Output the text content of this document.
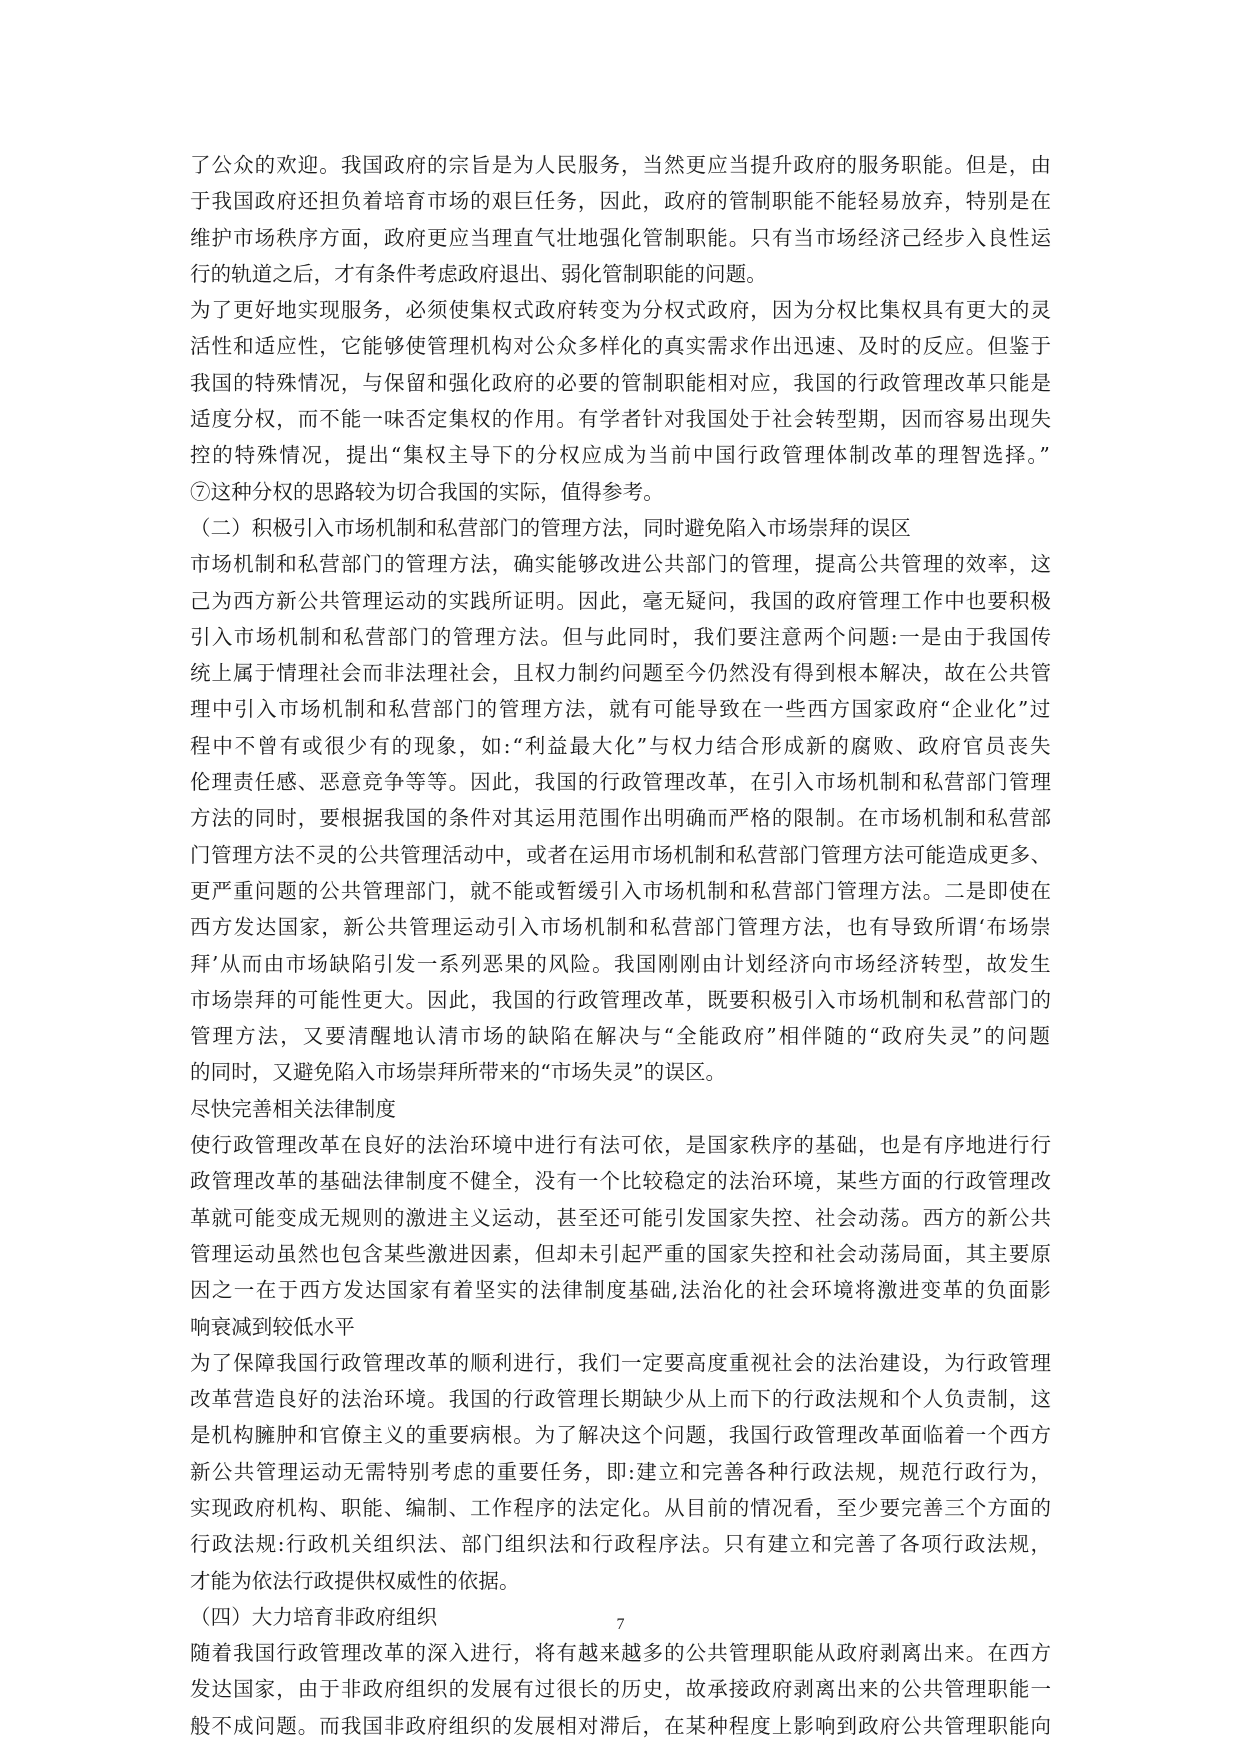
了公众的欢迎。我国政府的宗旨是为人民服务，当然更应当提升政府的服务职能。但是，由
于我国政府还担负着培育市场的艰巨任务，因此，政府的管制职能不能轻易放弃，特别是在
维护市场秩序方面，政府更应当理直气壮地强化管制职能。只有当市场经济己经步入良性运
行的轨道之后，才有条件考虑政府退出、弱化管制职能的问题。
为了更好地实现服务，必须使集权式政府转变为分权式政府，因为分权比集权具有更大的灵
活性和适应性，它能够使管理机构对公众多样化的真实需求作出迅速、及时的反应。但鉴于
我国的特殊情况，与保留和强化政府的必要的管制职能相对应，我国的行政管理改革只能是
适度分权，而不能一味否定集权的作用。有学者针对我国处于社会转型期，因而容易出现失
控的特殊情况，提出“集权主导下的分权应成为当前中国行政管理体制改革的理智选择。”
⑦这种分权的思路较为切合我国的实际，值得参考。
（二）积极引入市场机制和私营部门的管理方法，同时避免陷入市场崇拜的误区
市场机制和私营部门的管理方法，确实能够改进公共部门的管理，提高公共管理的效率，这
己为西方新公共管理运动的实践所证明。因此，毫无疑问，我国的政府管理工作中也要积极
引入市场机制和私营部门的管理方法。但与此同时，我们要注意两个问题:一是由于我国传
统上属于情理社会而非法理社会，且权力制约问题至今仍然没有得到根本解决，故在公共管
理中引入市场机制和私营部门的管理方法，就有可能导致在一些西方国家政府“企业化”过
程中不曾有或很少有的现象，如:“利益最大化”与权力结合形成新的腐败、政府官员丧失
伦理责任感、恶意竞争等等。因此，我国的行政管理改革，在引入市场机制和私营部门管理
方法的同时，要根据我国的条件对其运用范围作出明确而严格的限制。在市场机制和私营部
门管理方法不灵的公共管理活动中，或者在运用市场机制和私营部门管理方法可能造成更多、
更严重问题的公共管理部门，就不能或暂缓引入市场机制和私营部门管理方法。二是即使在
西方发达国家，新公共管理运动引入市场机制和私营部门管理方法，也有导致所谓‘布场崇
拜’从而由市场缺陷引发一系列恶果的风险。我国刚刚由计划经济向市场经济转型，故发生
市场崇拜的可能性更大。因此，我国的行政管理改革，既要积极引入市场机制和私营部门的
管理方法，又要清醒地认清市场的缺陷在解决与“全能政府”相伴随的“政府失灵”的问题
的同时，又避免陷入市场崇拜所带来的“市场失灵”的误区。
尽快完善相关法律制度
使行政管理改革在良好的法治环境中进行有法可依，是国家秩序的基础，也是有序地进行行
政管理改革的基础法律制度不健全，没有一个比较稳定的法治环境，某些方面的行政管理改
革就可能变成无规则的激进主义运动，甚至还可能引发国家失控、社会动荡。西方的新公共
管理运动虽然也包含某些激进因素，但却未引起严重的国家失控和社会动荡局面，其主要原
因之一在于西方发达国家有着坚实的法律制度基础,法治化的社会环境将激进变革的负面影
响衰减到较低水平
为了保障我国行政管理改革的顺利进行，我们一定要高度重视社会的法治建设，为行政管理
改革营造良好的法治环境。我国的行政管理长期缺少从上而下的行政法规和个人负责制，这
是机构臃肿和官僚主义的重要病根。为了解决这个问题，我国行政管理改革面临着一个西方
新公共管理运动无需特别考虑的重要任务，即:建立和完善各种行政法规，规范行政行为，
实现政府机构、职能、编制、工作程序的法定化。从目前的情况看，至少要完善三个方面的
行政法规:行政机关组织法、部门组织法和行政程序法。只有建立和完善了各项行政法规，
才能为依法行政提供权威性的依据。
（四）大力培育非政府组织
随着我国行政管理改革的深入进行，将有越来越多的公共管理职能从政府剥离出来。在西方
发达国家，由于非政府组织的发展有过很长的历史，故承接政府剥离出来的公共管理职能一
般不成问题。而我国非政府组织的发展相对滞后，在某种程度上影响到政府公共管理职能向
7
